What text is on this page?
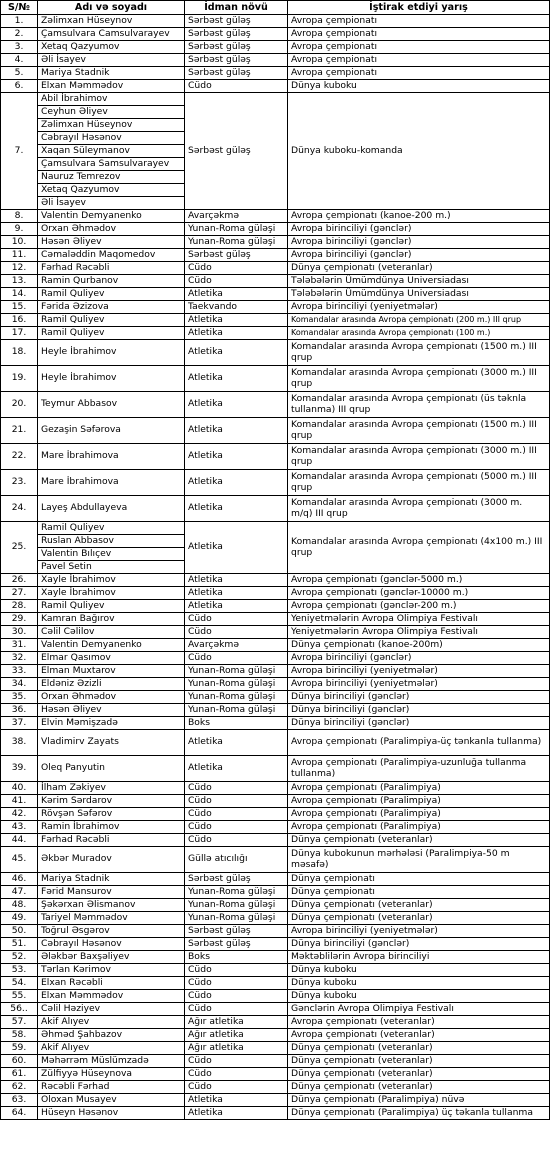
S/№	Adı və soyadı	İdman növü	İştirak etdiyi yarış
1.	Zəlimxan Hüseynov	Sərbəst güləş	Avropa çempionatı
2.	Çamsulvara Camsulvarayev	Sərbəst güləş	Avropa çempionatı
3.	Xetaq Qazyumov	Sərbəst güləş	Avropa çempionatı
4.	Əli İsayev	Sərbəst güləş	Avropa çempionatı
5.	Mariya Stadnik	Sərbəst güləş	Avropa çempionatı
6.	Elxan Məmmədov	Cüdo	Dünya kuboku
7.	Abil İbrahimov	Sərbəst güləş	Dünya kuboku-komanda
	Ceyhun Əliyev		
	Zəlimxan Hüseynov		
	Cəbrayıl Həsənov		
	Xaqan Süleymanov		
	Çamsulvara Samsulvarayev		
	Nauruz Temrezov		
	Xetaq Qazyumov		
	Əli İsayev		
8.	Valentin Demyanenko	Avarçəkmə	Avropa çempionatı (kanoe-200 m.)
9.	Orxan Əhmədov	Yunan-Roma güləşi	Avropa birinciliyi (gənclər)
10.	Həsən Əliyev	Yunan-Roma güləşi	Avropa birinciliyi (gənclər)
11.	Cəmaləddin Maqomedov	Sərbəst güləş	Avropa birinciliyi (gənclər)
12.	Fərhad Rəcəbli	Cüdo	Dünya çempionatı (veteranlar)
13.	Ramin Qurbanov	Cüdo	Tələbələrin Ümümdünya Universiadası
14.	Ramil Quliyev	Atletika	Tələbələrin Ümümdünya Universiadası
15.	Fərida Əzizova	Taekvando	Avropa birinciliyi (yeniyetmələr)
16.	Ramil Quliyev	Atletika	Komandalar arasında Avropa çempionatı (200 m.) III qrup
17.	Ramil Quliyev	Atletika	Komandalar arasında Avropa çempionatı (100 m.)
18.	Heyle İbrahimov	Atletika	Komandalar arasında Avropa çempionatı (1500 m.) III qrup
19.	Heyle İbrahimov	Atletika	Komandalar arasında Avropa çempionatı (3000 m.) III qrup
20.	Teymur Abbasov	Atletika	Komandalar arasında Avropa çempionatı (üs təknla tullanma) III qrup
21.	Gezaşin Səfərova	Atletika	Komandalar arasında Avropa çempionatı (1500 m.) III qrup
22.	Mare İbrahimova	Atletika	Komandalar arasında Avropa çempionatı (3000 m.) III qrup
23.	Mare İbrahimova	Atletika	Komandalar arasında Avropa çempionatı (5000 m.) III qrup
24.	Layeş Abdullayeva	Atletika	Komandalar arasında Avropa çempionatı (3000 m. m/q) III qrup
25.	Ramil Quliyev	Atletika	Komandalar arasında Avropa çempionatı (4x100 m.) III qrup
	Ruslan Abbasov		
	Valentin Bılıçev		
	Pavel Setin		
26.	Xayle İbrahimov	Atletika	Avropa çempionatı (gənclər-5000 m.)
27.	Xayle İbrahimov	Atletika	Avropa çempionatı (gənclər-10000 m.)
28.	Ramil Quliyev	Atletika	Avropa çempionatı (gənclər-200 m.)
29.	Kamran Bağırov	Cüdo	Yeniyetmələrin Avropa Olimpiya Festivalı
30.	Cəlil Cəlilov	Cüdo	Yeniyetmələrin Avropa Olimpiya Festivalı
31.	Valentin Demyanenko	Avarçəkmə	Dünya çempionatı (kanoe-200m)
32.	Elmar Qasımov	Cüdo	Avropa birinciliyi (gənclər)
33.	Elman Muxtarov	Yunan-Roma güləşi	Avropa birinciliyi (yeniyetmələr)
34.	Eldəniz Əzizli	Yunan-Roma güləşi	Avropa birinciliyi (yeniyetmələr)
35.	Orxan Əhmədov	Yunan-Roma güləşi	Dünya birinciliyi (gənclər)
36.	Həsən Əliyev	Yunan-Roma güləşi	Dünya birinciliyi (gənclər)
37.	Elvin Məmişzadə	Boks	Dünya birinciliyi (gənclər)
38.	Vladimirv Zayats	Atletika	Avropa çempionatı (Paralimpiya-üç tənkanla tullanma)
39.	Oleq Panyutin	Atletika	Avropa çempionatı (Paralimpiya-uzunluğa tullanma tullanma)
40.	İlham Zəkiyev	Cüdo	Avropa çempionatı (Paralimpiya)
41.	Kərim Sərdarov	Cüdo	Avropa çempionatı (Paralimpiya)
42.	Rövşən Səfərov	Cüdo	Avropa çempionatı (Paralimpiya)
43.	Ramin İbrahimov	Cüdo	Avropa çempionatı (Paralimpiya)
44.	Fərhad Rəcəbli	Cüdo	Dünya çempionatı (veteranlar)
45.	Əkbər Muradov	Güllə atıcılığı	Dünya kubokunun mərhələsi (Paralimpiya-50 m məsafə)
46.	Mariya Stadnik	Sərbəst güləş	Dünya çempionatı
47.	Fərid Mansurov	Yunan-Roma güləşi	Dünya çempionatı
48.	Şəkərxan Əlismanov	Yunan-Roma güləşi	Dünya çempionatı (veteranlar)
49.	Tariyel Məmmədov	Yunan-Roma güləşi	Dünya çempionatı (veteranlar)
50.	Toğrul Əsgərov	Sərbəst güləş	Avropa birinciliyi (yeniyetmələr)
51.	Cəbrayıl Həsənov	Sərbəst güləş	Dünya birinciliyi (gənclər)
52.	Ələkbər Baxşəliyev	Boks	Məktəblilərin Avropa birinciliyi
53.	Tərlan Kərimov	Cüdo	Dünya kuboku
54.	Elxan Rəcəbli	Cüdo	Dünya kuboku
55.	Elxan Məmmədov	Cüdo	Dünya kuboku
56..	Cəlil Həziyev	Cüdo	Gənclərin Avropa Olimpiya Festivalı
57.	Akif Alıyev	Ağır atletika	Avropa çempionatı (veteranlar)
58.	Əhməd Şahbazov	Ağır atletika	Avropa çempionatı (veteranlar)
59.	Akif Alıyev	Ağır atletika	Dünya çempionatı (veteranlar)
60.	Məhərrəm Müslümzadə	Cüdo	Dünya çempionatı (veteranlar)
61.	Zülfiyyə Hüseynova	Cüdo	Dünya çempionatı (veteranlar)
62.	Rəcəbli Fərhad	Cüdo	Dünya çempionatı (veteranlar)
63.	Oloxan Musayev	Atletika	Dünya çempionatı (Paralimpiya) nüvə
64.	Hüseyn Həsənov	Atletika	Dünya çempionatı (Paralimpiya) üç təkanla tullanma
